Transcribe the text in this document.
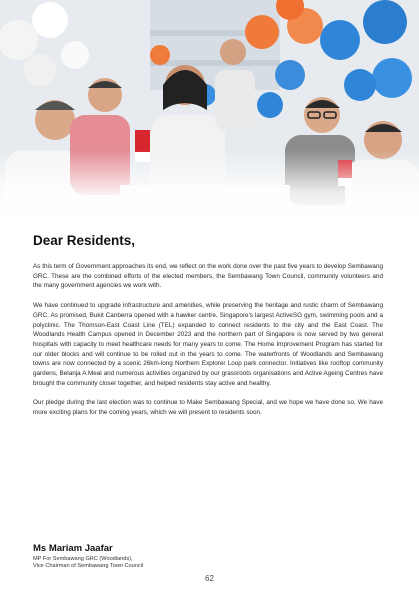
Dear Residents,

As this term of Government approaches its end, we reflect on the work done over the past five years to develop Sembawang GRC. These are the combined efforts of the elected members, the Sembawang Town Council, community volunteers and the many government agencies we work with.

We have continued to upgrade infrastructure and amenities, while preserving the heritage and rustic charm of Sembawang GRC. As promised, Bukit Canberra opened with a hawker centre, Singapore's largest ActiveSG gym, swimming pools and a polyclinic. The Thomson-East Coast Line (TEL) expanded to connect residents to the city and the East Coast. The Woodlands Health Campus opened in December 2023 and the northern part of Singapore is now served by two general hospitals with capacity to meet healthcare needs for many years to come. The Home Improvement Program has started for our older blocks and will continue to be rolled out in the years to come. The waterfronts of Woodlands and Sembawang towns are now connected by a scenic 26km-long Northern Explorer Loop park connector. Initiatives like rooftop community gardens, Belanja A Meal and numerous activities organized by our grassroots organisations and Active Ageing Centres have brought the community closer together, and helped residents stay active and healthy.

Our pledge during the last election was to continue to Make Sembawang Special, and we hope we have done so. We have more exciting plans for the coming years, which we will present to residents soon.

Ms Mariam Jaafar

MP For Sembawang GRC (Woodlands),

Vice Chairman of Sembawang Town Council

62
